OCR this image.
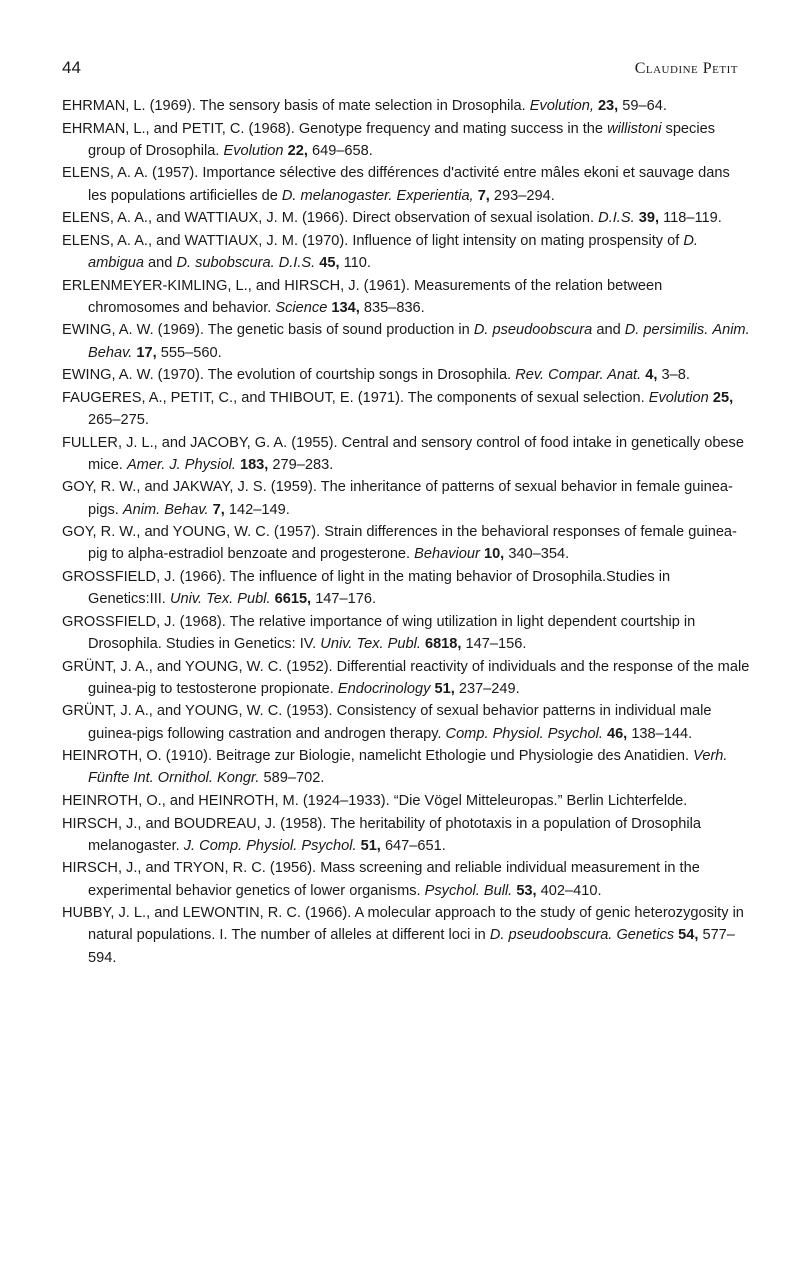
44	Claudine Petit

EHRMAN, L. (1969). The sensory basis of mate selection in Drosophila. Evolution, 23, 59–64.

EHRMAN, L., and PETIT, C. (1968). Genotype frequency and mating success in the willistoni species group of Drosophila. Evolution 22, 649–658.

ELENS, A. A. (1957). Importance sélective des différences d'activité entre mâles ekoni et sauvage dans les populations artificielles de D. melanogaster. Experientia, 7, 293–294.

ELENS, A. A., and WATTIAUX, J. M. (1966). Direct observation of sexual isolation. D.I.S. 39, 118–119.

ELENS, A. A., and WATTIAUX, J. M. (1970). Influence of light intensity on mating prospensity of D. ambigua and D. subobscura. D.I.S. 45, 110.

ERLENMEYER-KIMLING, L., and HIRSCH, J. (1961). Measurements of the relation between chromosomes and behavior. Science 134, 835–836.

EWING, A. W. (1969). The genetic basis of sound production in D. pseudoobscura and D. persimilis. Anim. Behav. 17, 555–560.

EWING, A. W. (1970). The evolution of courtship songs in Drosophila. Rev. Compar. Anat. 4, 3–8.

FAUGERES, A., PETIT, C., and THIBOUT, E. (1971). The components of sexual selection. Evolution 25, 265–275.

FULLER, J. L., and JACOBY, G. A. (1955). Central and sensory control of food intake in genetically obese mice. Amer. J. Physiol. 183, 279–283.

GOY, R. W., and JAKWAY, J. S. (1959). The inheritance of patterns of sexual behavior in female guinea-pigs. Anim. Behav. 7, 142–149.

GOY, R. W., and YOUNG, W. C. (1957). Strain differences in the behavioral responses of female guinea-pig to alpha-estradiol benzoate and progesterone. Behaviour 10, 340–354.

GROSSFIELD, J. (1966). The influence of light in the mating behavior of Drosophila.Studies in Genetics:III. Univ. Tex. Publ. 6615, 147–176.

GROSSFIELD, J. (1968). The relative importance of wing utilization in light dependent courtship in Drosophila. Studies in Genetics: IV. Univ. Tex. Publ. 6818, 147–156.

GRÜNT, J. A., and YOUNG, W. C. (1952). Differential reactivity of individuals and the response of the male guinea-pig to testosterone propionate. Endocrinology 51, 237–249.

GRÜNT, J. A., and YOUNG, W. C. (1953). Consistency of sexual behavior patterns in individual male guinea-pigs following castration and androgen therapy. Comp. Physiol. Psychol. 46, 138–144.

HEINROTH, O. (1910). Beitrage zur Biologie, namelicht Ethologie und Physiologie des Anatidien. Verh. Fünfte Int. Ornithol. Kongr. 589–702.

HEINROTH, O., and HEINROTH, M. (1924–1933). “Die Vögel Mitteleuropas.” Berlin Lichterfelde.

HIRSCH, J., and BOUDREAU, J. (1958). The heritability of phototaxis in a population of Drosophila melanogaster. J. Comp. Physiol. Psychol. 51, 647–651.

HIRSCH, J., and TRYON, R. C. (1956). Mass screening and reliable individual measurement in the experimental behavior genetics of lower organisms. Psychol. Bull. 53, 402–410.

HUBBY, J. L., and LEWONTIN, R. C. (1966). A molecular approach to the study of genic heterozygosity in natural populations. I. The number of alleles at different loci in D. pseudoobscura. Genetics 54, 577–594.
